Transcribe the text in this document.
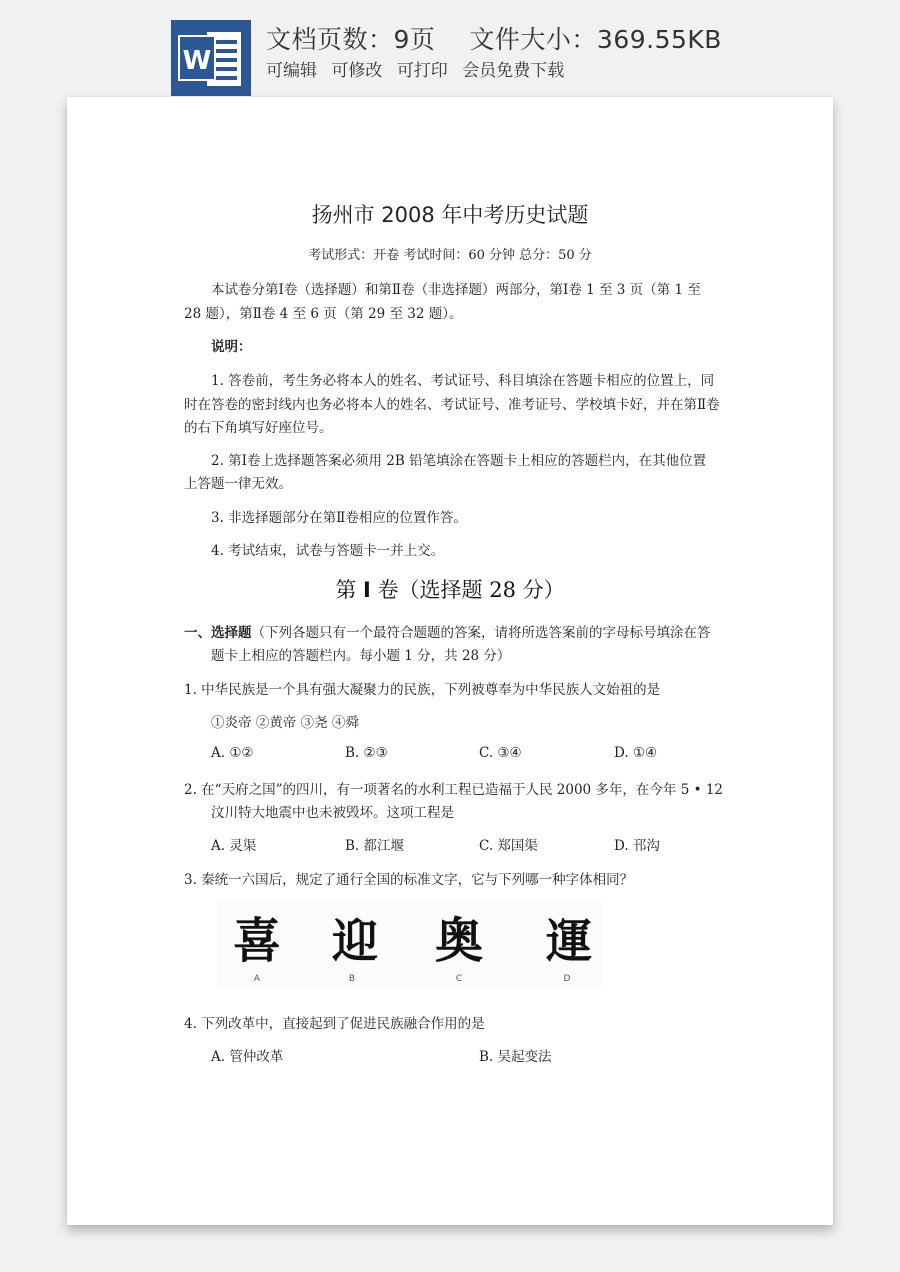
W
文档页数：9页 文件大小：369.55KB
可编辑 可修改 可打印 会员免费下载
扬州市 2008 年中考历史试题
考试形式：开卷 考试时间：60 分钟 总分：50 分
本试卷分第Ⅰ卷（选择题）和第Ⅱ卷（非选择题）两部分，第Ⅰ卷 1 至 3 页（第 1 至
28 题），第Ⅱ卷 4 至 6 页（第 29 至 32 题）。
说明：
1. 答卷前，考生务必将本人的姓名、考试证号、科目填涂在答题卡相应的位置上，同
时在答卷的密封线内也务必将本人的姓名、考试证号、准考证号、学校填卡好，并在第Ⅱ卷
的右下角填写好座位号。
2. 第Ⅰ卷上选择题答案必须用 2B 铅笔填涂在答题卡上相应的答题栏内，在其他位置
上答题一律无效。
3. 非选择题部分在第Ⅱ卷相应的位置作答。
4. 考试结束，试卷与答题卡一并上交。
第 Ⅰ 卷（选择题 28 分）
一、选择题（下列各题只有一个最符合题题的答案，请将所选答案前的字母标号填涂在答
题卡上相应的答题栏内。每小题 1 分，共 28 分）
1. 中华民族是一个具有强大凝聚力的民族，下列被尊奉为中华民族人文始祖的是
①炎帝 ②黄帝 ③尧 ④舜
A. ①②	B. ②③	C. ③④	D. ①④
2. 在“天府之国”的四川，有一项著名的水利工程已造福于人民 2000 多年，在今年 5 • 12
汶川特大地震中也未被毁坏。这项工程是
A. 灵渠	B. 都江堰	C. 郑国渠	D. 邗沟
3. 秦统一六国后，规定了通行全国的标准文字，它与下列哪一种字体相同？
喜
A
迎
B
奥
C
運
D
4. 下列改革中，直接起到了促进民族融合作用的是
A. 管仲改革	B. 吴起变法
